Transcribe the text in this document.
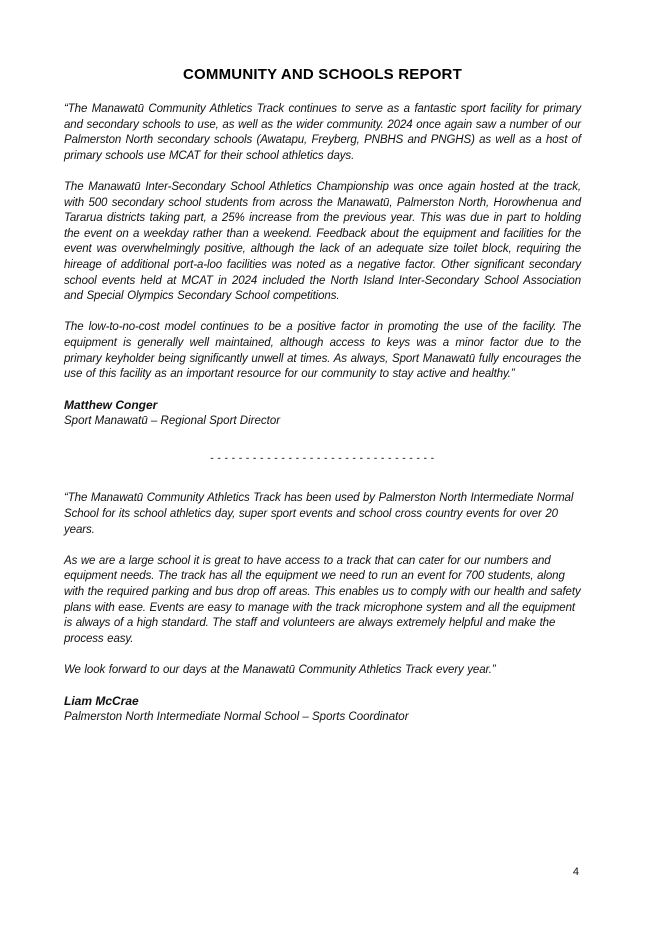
COMMUNITY AND SCHOOLS REPORT

“The Manawatū Community Athletics Track continues to serve as a fantastic sport facility for primary and secondary schools to use, as well as the wider community. 2024 once again saw a number of our Palmerston North secondary schools (Awatapu, Freyberg, PNBHS and PNGHS) as well as a host of primary schools use MCAT for their school athletics days.

The Manawatū Inter-Secondary School Athletics Championship was once again hosted at the track, with 500 secondary school students from across the Manawatū, Palmerston North, Horowhenua and Tararua districts taking part, a 25% increase from the previous year. This was due in part to holding the event on a weekday rather than a weekend. Feedback about the equipment and facilities for the event was overwhelmingly positive, although the lack of an adequate size toilet block, requiring the hireage of additional port-a-loo facilities was noted as a negative factor. Other significant secondary school events held at MCAT in 2024 included the North Island Inter-Secondary School Association and Special Olympics Secondary School competitions.

The low-to-no-cost model continues to be a positive factor in promoting the use of the facility. The equipment is generally well maintained, although access to keys was a minor factor due to the primary keyholder being significantly unwell at times. As always, Sport Manawatū fully encourages the use of this facility as an important resource for our community to stay active and healthy.”

Matthew Conger

Sport Manawatū – Regional Sport Director

- - - - - - - - - - - - - - - - - - - - - - - - - - - - - - - -

“The Manawatū Community Athletics Track has been used by Palmerston North Intermediate Normal School for its school athletics day, super sport events and school cross country events for over 20 years.

As we are a large school it is great to have access to a track that can cater for our numbers and equipment needs. The track has all the equipment we need to run an event for 700 students, along with the required parking and bus drop off areas. This enables us to comply with our health and safety plans with ease. Events are easy to manage with the track microphone system and all the equipment is always of a high standard. The staff and volunteers are always extremely helpful and make the process easy.

We look forward to our days at the Manawatū Community Athletics Track every year.”

Liam McCrae

Palmerston North Intermediate Normal School – Sports Coordinator

4
